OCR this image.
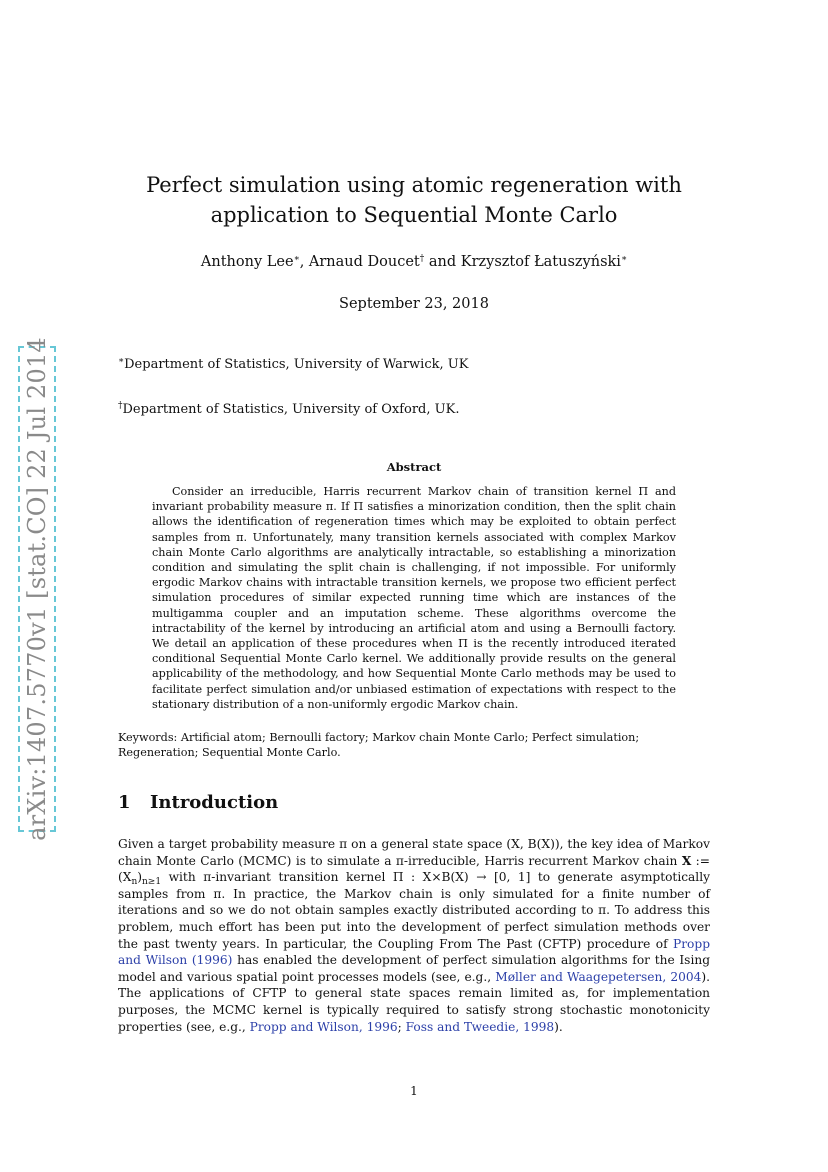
arXiv:1407.5770v1 [stat.CO] 22 Jul 2014
Perfect simulation using atomic regeneration with
application to Sequential Monte Carlo
Anthony Lee∗, Arnaud Doucet† and Krzysztof Łatuszyński∗
September 23, 2018
∗Department of Statistics, University of Warwick, UK
†Department of Statistics, University of Oxford, UK.
Abstract

Consider an irreducible, Harris recurrent Markov chain of transition kernel Π and invariant probability measure π. If Π satisfies a minorization condition, then the split chain allows the identification of regeneration times which may be exploited to obtain perfect samples from π. Unfortunately, many transition kernels associated with complex Markov chain Monte Carlo algorithms are analytically intractable, so establishing a minorization condition and simulating the split chain is challenging, if not impossible. For uniformly ergodic Markov chains with intractable transition kernels, we propose two efficient perfect simulation procedures of similar expected running time which are instances of the multigamma coupler and an imputation scheme. These algorithms overcome the intractability of the kernel by introducing an artificial atom and using a Bernoulli factory. We detail an application of these procedures when Π is the recently introduced iterated conditional Sequential Monte Carlo kernel. We additionally provide results on the general applicability of the methodology, and how Sequential Monte Carlo methods may be used to facilitate perfect simulation and/or unbiased estimation of expectations with respect to the stationary distribution of a non-uniformly ergodic Markov chain.

Keywords: Artificial atom; Bernoulli factory; Markov chain Monte Carlo; Perfect simulation; Regeneration; Sequential Monte Carlo.

1 Introduction

Given a target probability measure π on a general state space (X, B(X)), the key idea of Markov chain Monte Carlo (MCMC) is to simulate a π-irreducible, Harris recurrent Markov chain X := $(X_n)_{n\ge 1}$ with π-invariant transition kernel Π : X×B(X) → [0, 1] to generate asymptotically samples from π. In practice, the Markov chain is only simulated for a finite number of iterations and so we do not obtain samples exactly distributed according to π. To address this problem, much effort has been put into the development of perfect simulation methods over the past twenty years. In particular, the Coupling From The Past (CFTP) procedure of Propp and Wilson (1996) has enabled the development of perfect simulation algorithms for the Ising model and various spatial point processes models (see, e.g., Møller and Waagepetersen, 2004). The applications of CFTP to general state spaces remain limited as, for implementation purposes, the MCMC kernel is typically required to satisfy strong stochastic monotonicity properties (see, e.g., Propp and Wilson, 1996; Foss and Tweedie, 1998).

1
